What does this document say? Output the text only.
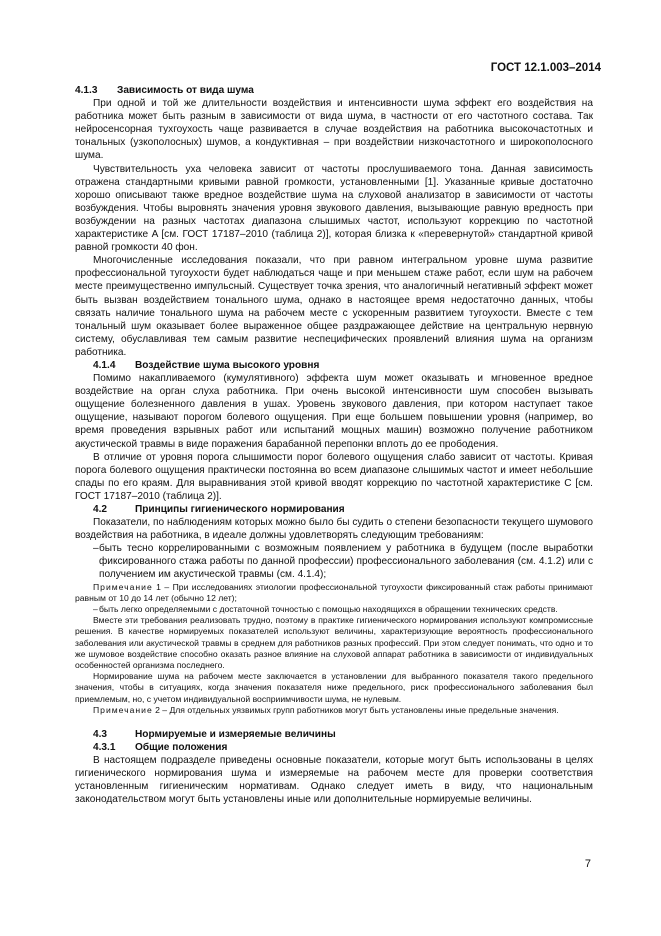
ГОСТ 12.1.003–2014
4.1.3 Зависимость от вида шума

При одной и той же длительности воздействия и интенсивности шума эффект его воздействия на работника может быть разным в зависимости от вида шума, в частности от его частотного состава. Так нейросенсорная тухгоухость чаще развивается в случае воздействия на работника высокочастотных и тональных (узкополосных) шумов, а кондуктивная – при воздействии низкочастотного и широкополосного шума.

Чувствительность уха человека зависит от частоты прослушиваемого тона. Данная зависимость отражена стандартными кривыми равной громкости, установленными [1]. Указанные кривые достаточно хорошо описывают также вредное воздействие шума на слуховой анализатор в зависимости от частоты возбуждения. Чтобы выровнять значения уровня звукового давления, вызывающие равную вредность при возбуждении на разных частотах диапазона слышимых частот, используют коррекцию по частотной характеристике A [см. ГОСТ 17187–2010 (таблица 2)], которая близка к «перевернутой» стандартной кривой равной громкости 40 фон.

Многочисленные исследования показали, что при равном интегральном уровне шума развитие профессиональной тугоухости будет наблюдаться чаще и при меньшем стаже работ, если шум на рабочем месте преимущественно импульсный. Существует точка зрения, что аналогичный негативный эффект может быть вызван воздействием тонального шума, однако в настоящее время недостаточно данных, чтобы связать наличие тонального шума на рабочем месте с ускоренным развитием тугоухости. Вместе с тем тональный шум оказывает более выраженное общее раздражающее действие на центральную нервную систему, обуславливая тем самым развитие неспецифических проявлений влияния шума на организм работника.

4.1.4 Воздействие шума высокого уровня

Помимо накапливаемого (кумулятивного) эффекта шум может оказывать и мгновенное вредное воздействие на орган слуха работника. При очень высокой интенсивности шум способен вызывать ощущение болезненного давления в ушах. Уровень звукового давления, при котором наступает такое ощущение, называют порогом болевого ощущения. При еще большем повышении уровня (например, во время проведения взрывных работ или испытаний мощных машин) возможно получение работником акустической травмы в виде поражения барабанной перепонки вплоть до ее прободения.

В отличие от уровня порога слышимости порог болевого ощущения слабо зависит от частоты. Кривая порога болевого ощущения практически постоянна во всем диапазоне слышимых частот и имеет небольшие спады по его краям. Для выравнивания этой кривой вводят коррекцию по частотной характеристике C [см. ГОСТ 17187–2010 (таблица 2)].

4.2	Принципы гигиенического нормирования

Показатели, по наблюдениям которых можно было бы судить о степени безопасности текущего шумового воздействия на работника, в идеале должны удовлетворять следующим требованиям:

– быть тесно коррелированными с возможным появлением у работника в будущем (после выработки фиксированного стажа работы по данной профессии) профессионального заболевания (см. 4.1.2) или с получением им акустической травмы (см. 4.1.4);

Примечание 1 – При исследованиях этиологии профессиональной тугоухости фиксированный стаж работы принимают равным от 10 до 14 лет (обычно 12 лет);

– быть легко определяемыми с достаточной точностью с помощью находящихся в обращении технических средств.

Вместе эти требования реализовать трудно, поэтому в практике гигиенического нормирования используют компромиссные решения. В качестве нормируемых показателей используют величины, характеризующие вероятность профессионального заболевания или акустической травмы в среднем для работников разных профессий. При этом следует понимать, что одно и то же шумовое воздействие способно оказать разное влияние на слуховой аппарат работника в зависимости от индивидуальных особенностей организма последнего.

Нормирование шума на рабочем месте заключается в установлении для выбранного показателя такого предельного значения, чтобы в ситуациях, когда значения показателя ниже предельного, риск профессионального заболевания был приемлемым, но, с учетом индивидуальной восприимчивости шума, не нулевым.

Примечание 2 – Для отдельных уязвимых групп работников могут быть установлены иные предельные значения.

4.3	Нормируемые и измеряемые величины
4.3.1 Общие положения

В настоящем подразделе приведены основные показатели, которые могут быть использованы в целях гигиенического нормирования шума и измеряемые на рабочем месте для проверки соответствия установленным гигиеническим нормативам. Однако следует иметь в виду, что национальным законодательством могут быть установлены иные или дополнительные нормируемые величины.

7
